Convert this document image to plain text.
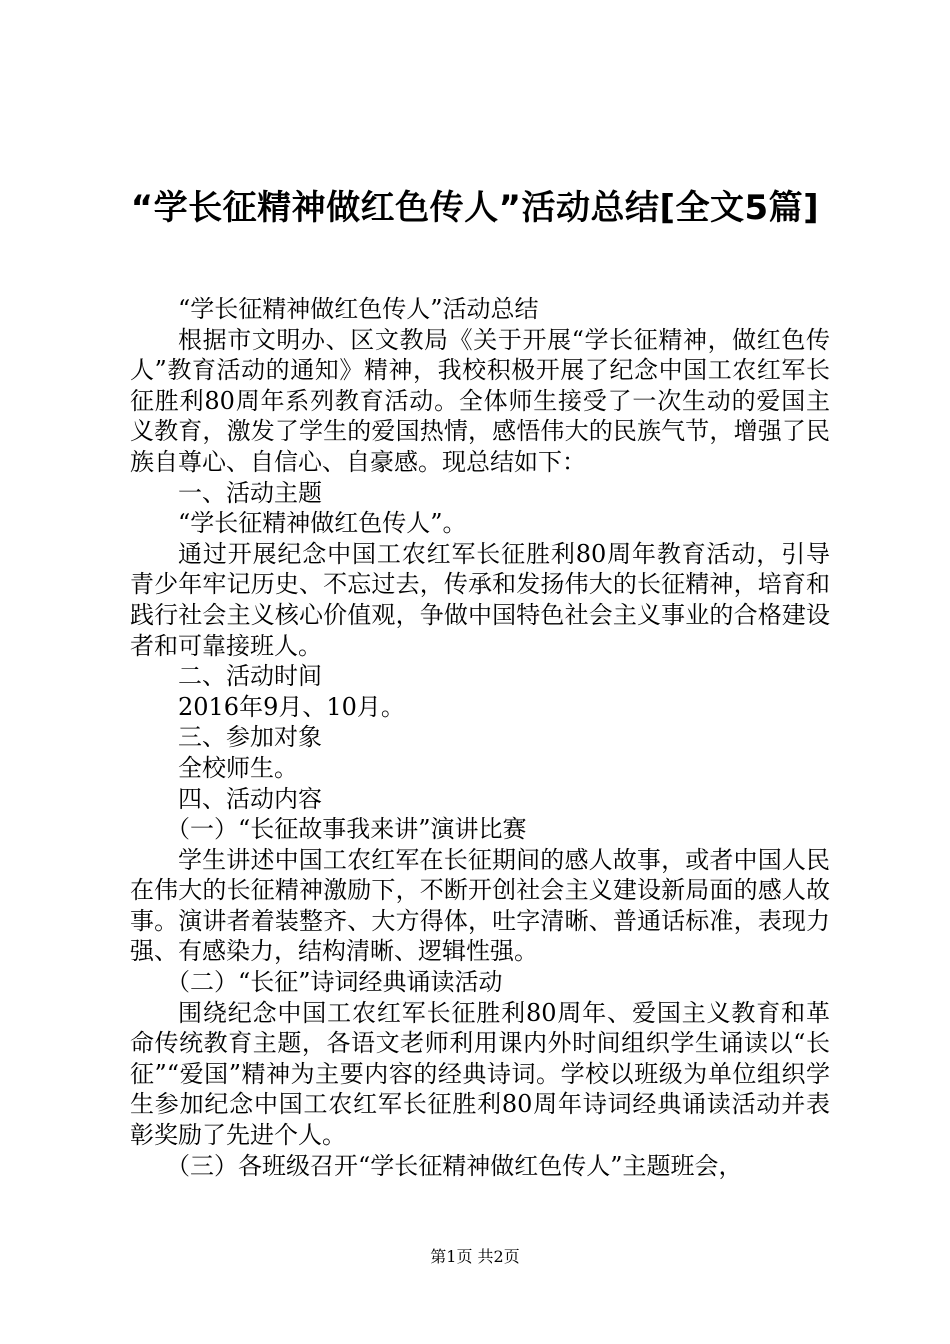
“学长征精神做红色传人”活动总结[全文5篇]

“学长征精神做红色传人”活动总结

根据市文明办、区文教局《关于开展“学长征精神，做红色传人”教育活动的通知》精神，我校积极开展了纪念中国工农红军长征胜利80周年系列教育活动。全体师生接受了一次生动的爱国主义教育，激发了学生的爱国热情，感悟伟大的民族气节，增强了民族自尊心、自信心、自豪感。现总结如下：

一、活动主题

“学长征精神做红色传人”。

通过开展纪念中国工农红军长征胜利80周年教育活动，引导青少年牢记历史、不忘过去，传承和发扬伟大的长征精神，培育和践行社会主义核心价值观，争做中国特色社会主义事业的合格建设者和可靠接班人。

二、活动时间

2016年9月、10月。

三、参加对象

全校师生。

四、活动内容

（一）“长征故事我来讲”演讲比赛

学生讲述中国工农红军在长征期间的感人故事，或者中国人民在伟大的长征精神激励下，不断开创社会主义建设新局面的感人故事。演讲者着装整齐、大方得体，吐字清晰、普通话标准，表现力强、有感染力，结构清晰、逻辑性强。

（二）“长征”诗词经典诵读活动

围绕纪念中国工农红军长征胜利80周年、爱国主义教育和革命传统教育主题，各语文老师利用课内外时间组织学生诵读以“长征”“爱国”精神为主要内容的经典诗词。学校以班级为单位组织学生参加纪念中国工农红军长征胜利80周年诗词经典诵读活动并表彰奖励了先进个人。

（三）各班级召开“学长征精神做红色传人”主题班会，

第1页 共2页
